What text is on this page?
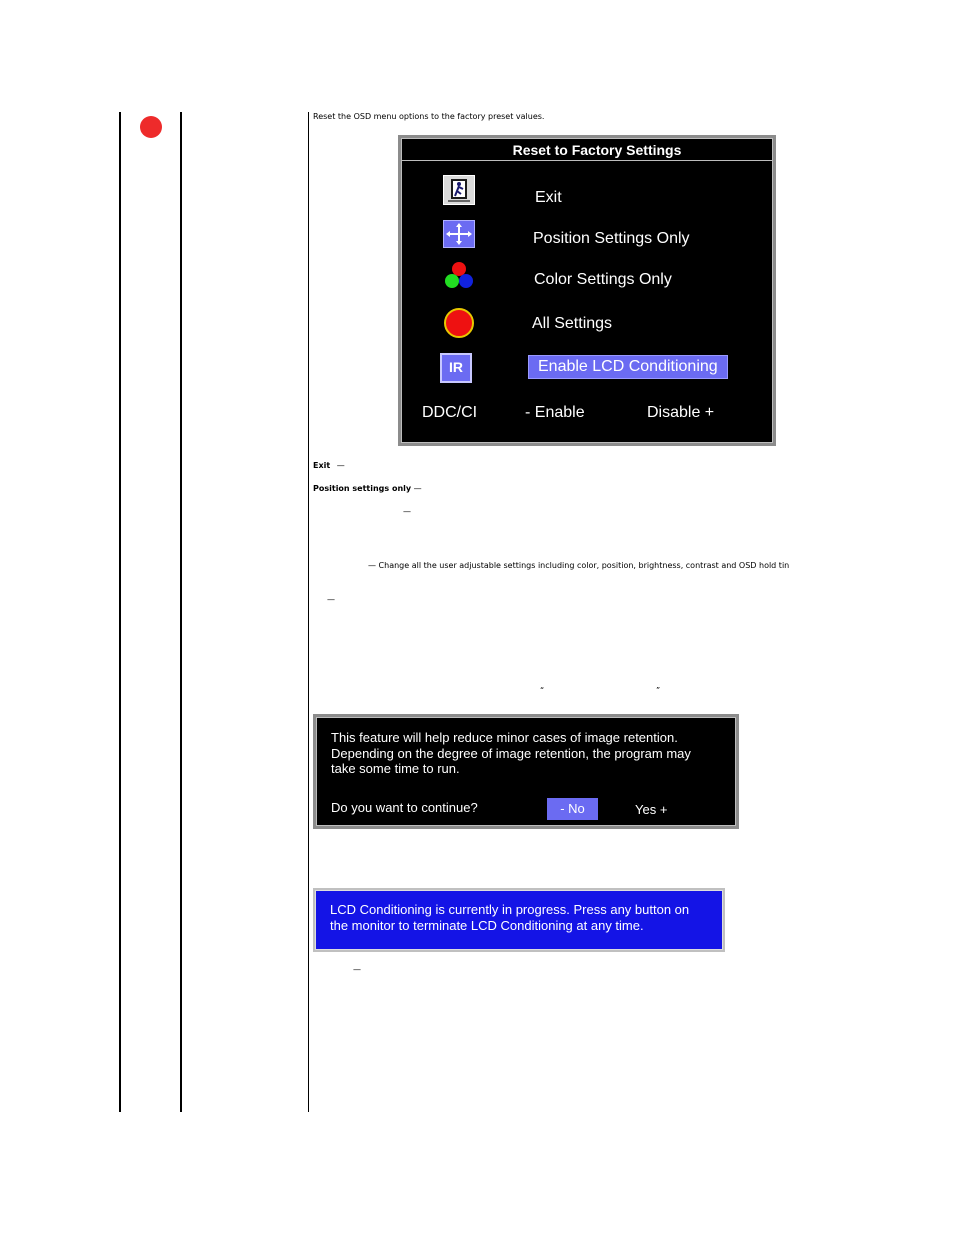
Reset the OSD menu options to the factory preset values.
Reset to Factory Settings
Exit
Position Settings Only
Color Settings Only
All Settings
IR	Enable LCD Conditioning
DDC/CI	- Enable	Disable +
Exit —
Position settings only —
—
— Change all the user adjustable settings including color, position, brightness, contrast and OSD hold tin
—
“	”
This feature will help reduce minor cases of image retention.
Depending on the degree of image retention, the program may
take some time to run.
Do you want to continue?	- No	Yes +
LCD Conditioning is currently in progress. Press any button on
the monitor to terminate LCD Conditioning at any time.
—
